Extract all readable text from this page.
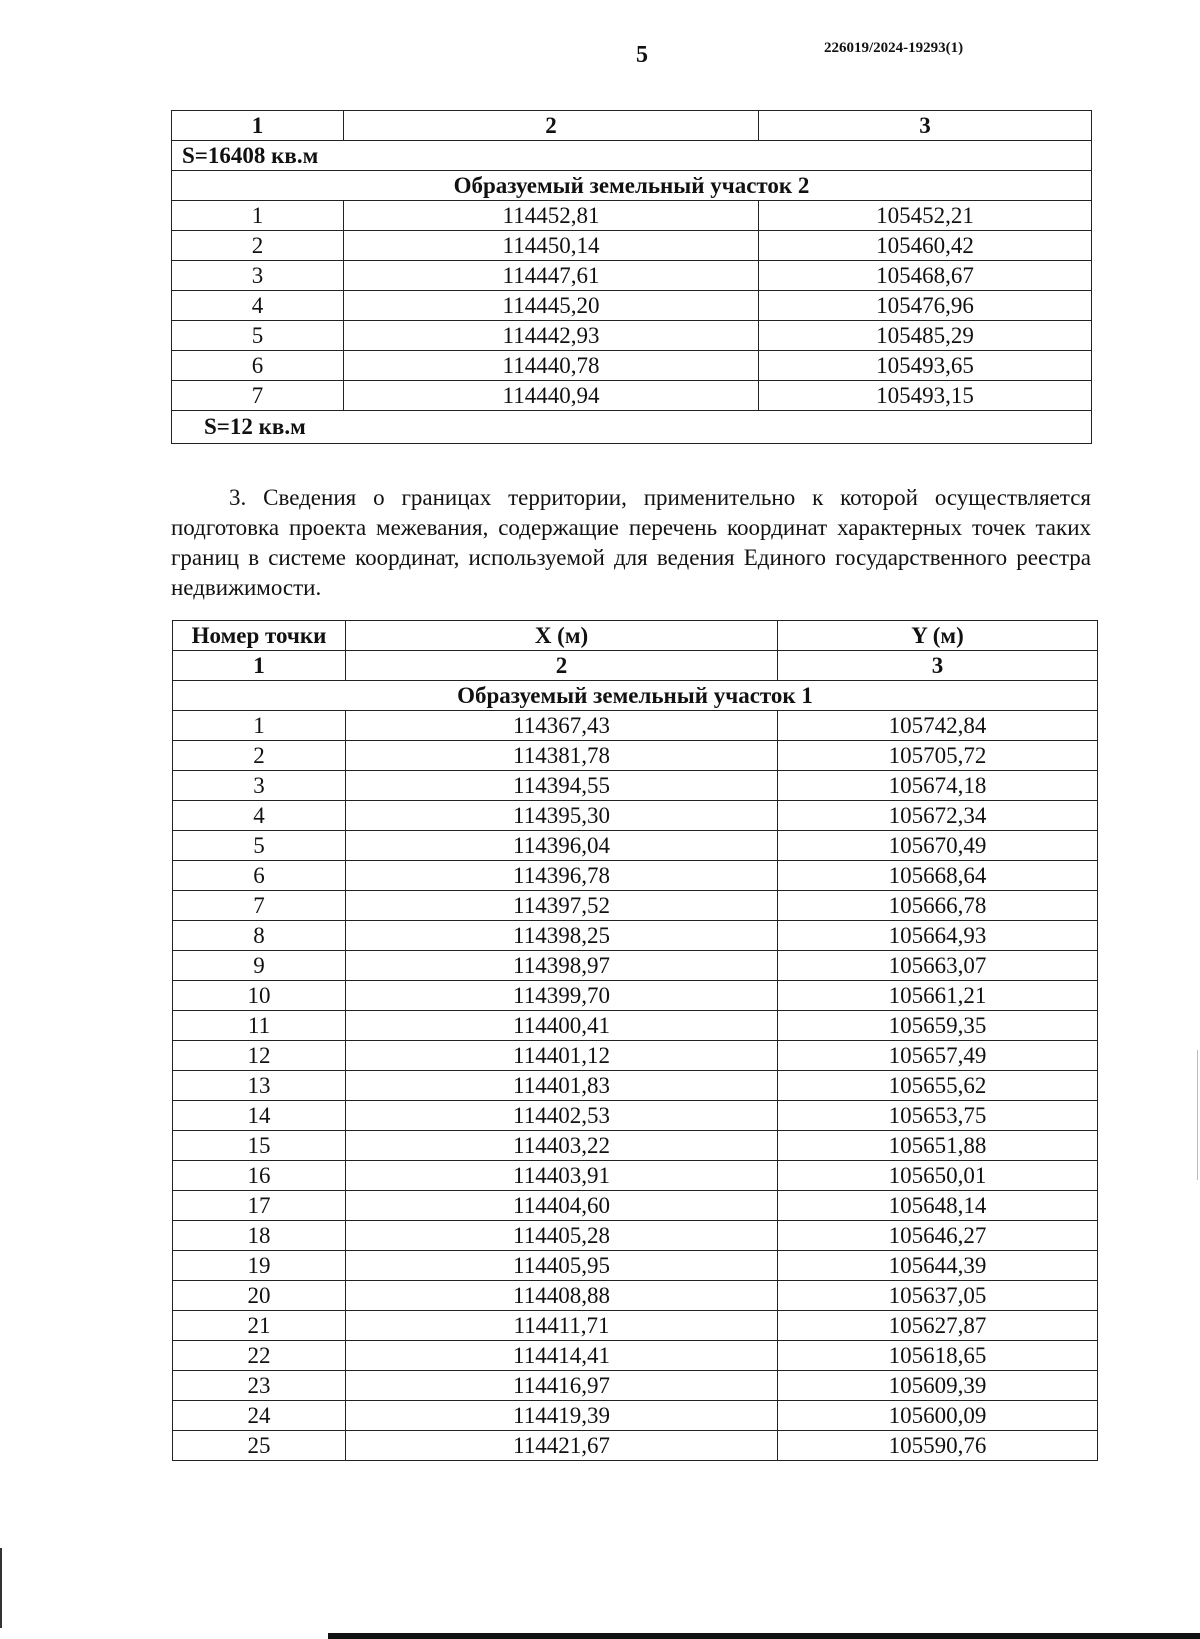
5	226019/2024-19293(1)
1	2	3
S=16408 кв.м		
Образуемый земельный участок 2		
1	114452,81	105452,21
2	114450,14	105460,42
3	114447,61	105468,67
4	114445,20	105476,96
5	114442,93	105485,29
6	114440,78	105493,65
7	114440,94	105493,15
S=12 кв.м		
3. Сведения о границах территории, применительно к которой осуществляется подготовка проекта межевания, содержащие перечень координат характерных точек таких границ в системе координат, используемой для ведения Единого государственного реестра недвижимости.
Номер точки	X (м)	Y (м)
1	2	3
Образуемый земельный участок 1		
1	114367,43	105742,84
2	114381,78	105705,72
3	114394,55	105674,18
4	114395,30	105672,34
5	114396,04	105670,49
6	114396,78	105668,64
7	114397,52	105666,78
8	114398,25	105664,93
9	114398,97	105663,07
10	114399,70	105661,21
11	114400,41	105659,35
12	114401,12	105657,49
13	114401,83	105655,62
14	114402,53	105653,75
15	114403,22	105651,88
16	114403,91	105650,01
17	114404,60	105648,14
18	114405,28	105646,27
19	114405,95	105644,39
20	114408,88	105637,05
21	114411,71	105627,87
22	114414,41	105618,65
23	114416,97	105609,39
24	114419,39	105600,09
25	114421,67	105590,76
